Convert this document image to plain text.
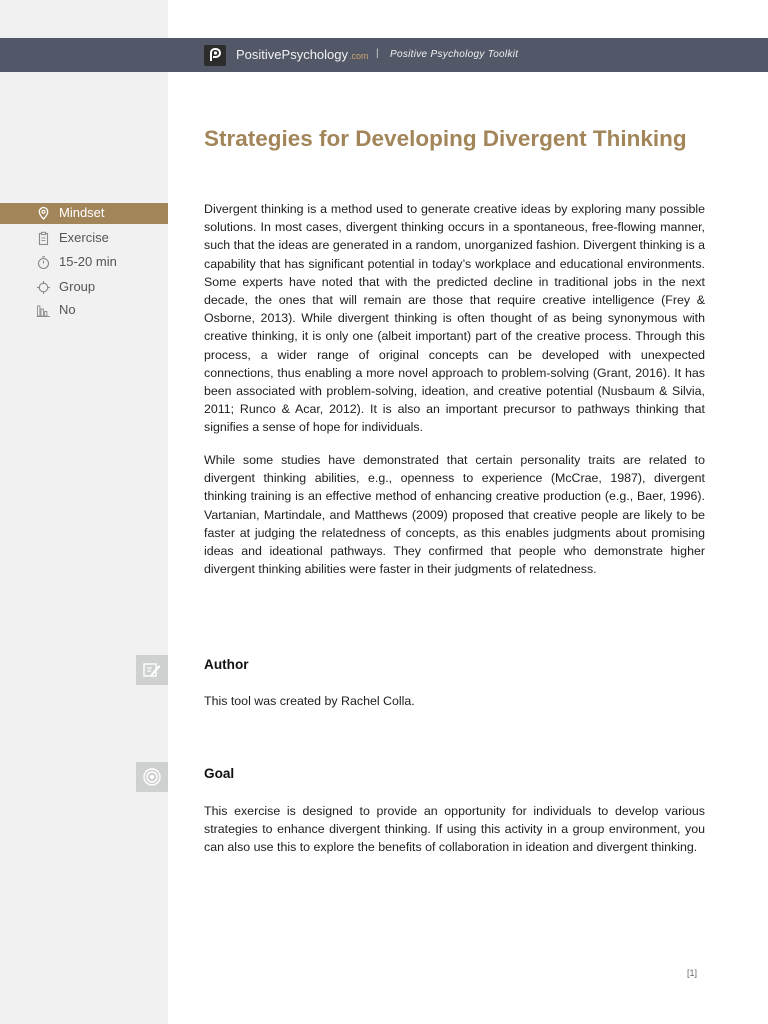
PositivePsychology.com | Positive Psychology Toolkit
Strategies for Developing Divergent Thinking
Mindset
Exercise
15-20 min
Group
No

Divergent thinking is a method used to generate creative ideas by exploring many possible solutions. In most cases, divergent thinking occurs in a spontaneous, free-flowing manner, such that the ideas are generated in a random, unorganized fashion. Divergent thinking is a capability that has significant potential in today’s workplace and educational environments. Some experts have noted that with the predicted decline in traditional jobs in the next decade, the ones that will remain are those that require creative intelligence (Frey & Osborne, 2013). While divergent thinking is often thought of as being synonymous with creative thinking, it is only one (albeit important) part of the creative process. Through this process, a wider range of original concepts can be developed with unexpected connections, thus enabling a more novel approach to problem-solving (Grant, 2016). It has been associated with problem-solving, ideation, and creative potential (Nusbaum & Silvia, 2011; Runco & Acar, 2012). It is also an important precursor to pathways thinking that signifies a sense of hope for individuals.

While some studies have demonstrated that certain personality traits are related to divergent thinking abilities, e.g., openness to experience (McCrae, 1987), divergent thinking training is an effective method of enhancing creative production (e.g., Baer, 1996). Vartanian, Martindale, and Matthews (2009) proposed that creative people are likely to be faster at judging the relatedness of concepts, as this enables judgments about promising ideas and ideational pathways. They confirmed that people who demonstrate higher divergent thinking abilities were faster in their judgments of relatedness.

Author

This tool was created by Rachel Colla.

Goal

This exercise is designed to provide an opportunity for individuals to develop various strategies to enhance divergent thinking. If using this activity in a group environment, you can also use this to explore the benefits of collaboration in ideation and divergent thinking.

[1]
